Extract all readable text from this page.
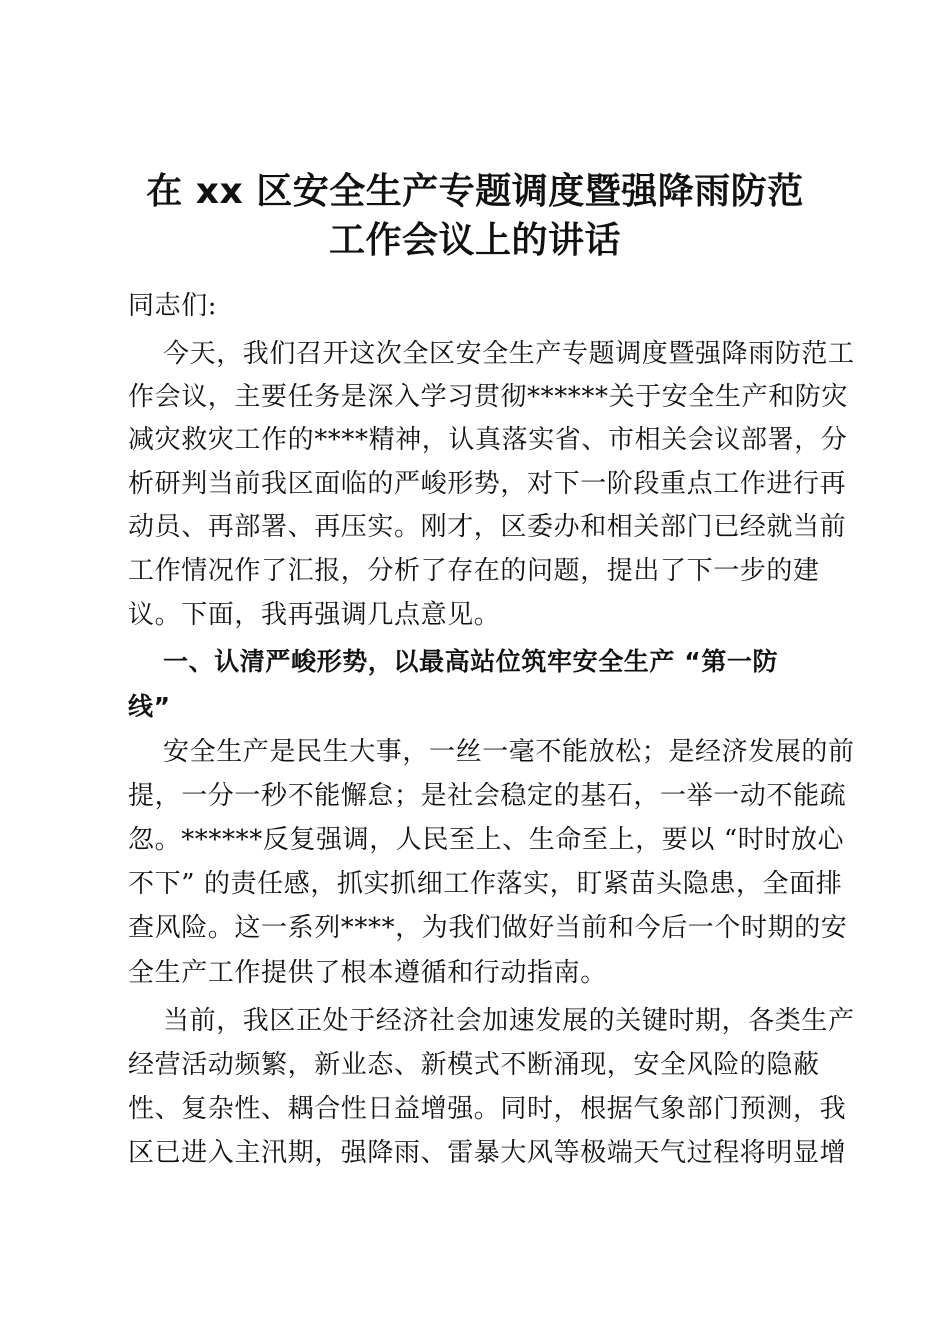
在 xx 区安全生产专题调度暨强降雨防范
工作会议上的讲话
同志们:
今天，我们召开这次全区安全生产专题调度暨强降雨防范工
作会议，主要任务是深入学习贯彻******关于安全生产和防灾
减灾救灾工作的****精神，认真落实省、市相关会议部署，分
析研判当前我区面临的严峻形势，对下一阶段重点工作进行再
动员、再部署、再压实。刚才，区委办和相关部门已经就当前
工作情况作了汇报，分析了存在的问题，提出了下一步的建
议。下面，我再强调几点意见。
一、认清严峻形势，以最高站位筑牢安全生产 “第一防
线”
安全生产是民生大事，一丝一毫不能放松；是经济发展的前
提，一分一秒不能懈怠；是社会稳定的基石，一举一动不能疏
忽。******反复强调，人民至上、生命至上，要以 “时时放心
不下” 的责任感，抓实抓细工作落实，盯紧苗头隐患，全面排
查风险。这一系列****，为我们做好当前和今后一个时期的安
全生产工作提供了根本遵循和行动指南。
当前，我区正处于经济社会加速发展的关键时期，各类生产
经营活动频繁，新业态、新模式不断涌现，安全风险的隐蔽
性、复杂性、耦合性日益增强。同时，根据气象部门预测，我
区已进入主汛期，强降雨、雷暴大风等极端天气过程将明显增
